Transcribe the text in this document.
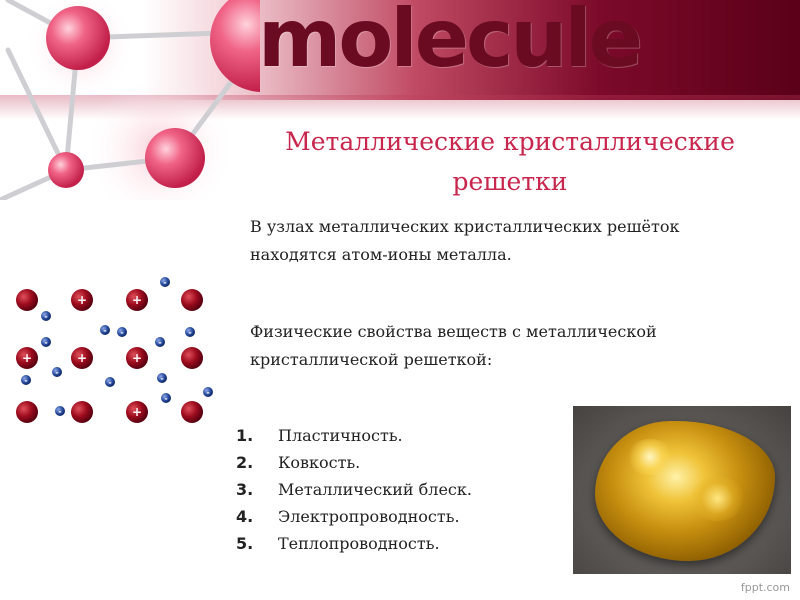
molecule
Металлические кристаллические решетки
В узлах металлических кристаллических решёток находятся атом-ионы металла.
Физические свойства веществ с металлической кристаллической решеткой:
1.	Пластичность.
2.	Ковкость.
3.	Металлический блеск.
4.	Электропроводность.
5.	Теплопроводность.
+	+
+	+	+
+
-
-
- -
-
-
-
-
-	-
-
-
-
-
fppt.com
